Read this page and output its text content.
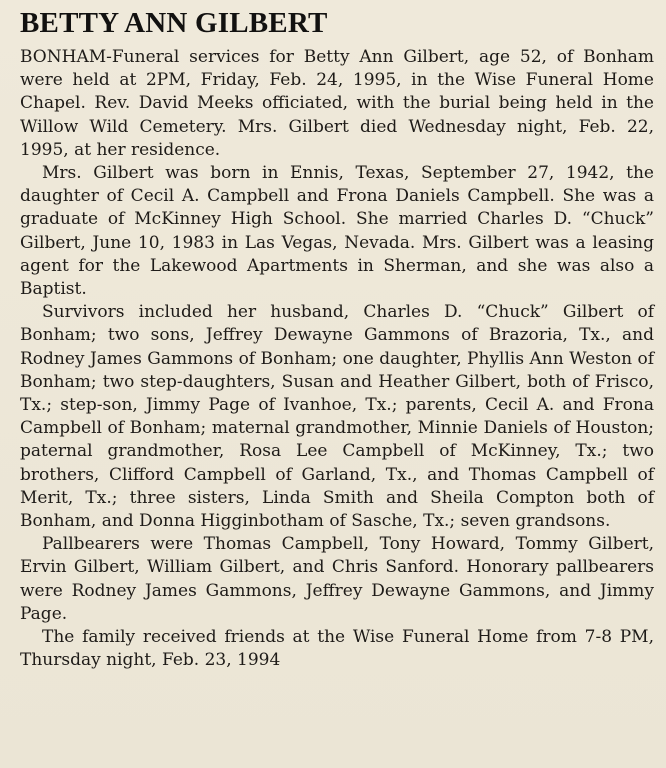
BETTY ANN GILBERT

BONHAM-Funeral services for Betty Ann Gilbert, age 52, of Bonham were held at 2PM, Friday, Feb. 24, 1995, in the Wise Funeral Home Chapel. Rev. David Meeks officiated, with the burial being held in the Willow Wild Cemetery. Mrs. Gilbert died Wednesday night, Feb. 22, 1995, at her residence.

Mrs. Gilbert was born in Ennis, Texas, September 27, 1942, the daughter of Cecil A. Campbell and Frona Daniels Campbell. She was a graduate of McKinney High School. She married Charles D. “Chuck” Gilbert, June 10, 1983 in Las Vegas, Nevada. Mrs. Gilbert was a leasing agent for the Lakewood Apartments in Sherman, and she was also a Baptist.

Survivors included her husband, Charles D. “Chuck” Gilbert of Bonham; two sons, Jeffrey Dewayne Gammons of Brazoria, Tx., and Rodney James Gammons of Bonham; one daughter, Phyllis Ann Weston of Bonham; two step-daughters, Susan and Heather Gilbert, both of Frisco, Tx.; step-son, Jimmy Page of Ivanhoe, Tx.; parents, Cecil A. and Frona Campbell of Bonham; maternal grandmother, Minnie Daniels of Houston; paternal grandmother, Rosa Lee Campbell of McKinney, Tx.; two brothers, Clifford Campbell of Garland, Tx., and Thomas Campbell of Merit, Tx.; three sisters, Linda Smith and Sheila Compton both of Bonham, and Donna Higginbotham of Sasche, Tx.; seven grandsons.

Pallbearers were Thomas Campbell, Tony Howard, Tommy Gilbert, Ervin Gilbert, William Gilbert, and Chris Sanford. Honorary pallbearers were Rodney James Gammons, Jeffrey Dewayne Gammons, and Jimmy Page.

The family received friends at the Wise Funeral Home from 7-8 PM, Thursday night, Feb. 23, 1994
